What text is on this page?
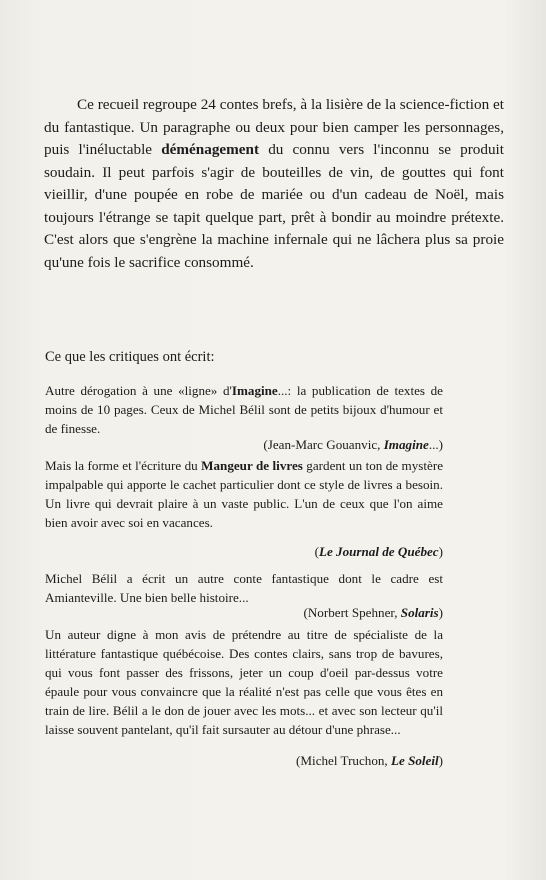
Ce recueil regroupe 24 contes brefs, à la lisière de la science-fiction et du fantastique. Un paragraphe ou deux pour bien camper les personnages, puis l'inéluctable déménagement du connu vers l'inconnu se produit soudain. Il peut parfois s'agir de bouteilles de vin, de gouttes qui font vieillir, d'une poupée en robe de mariée ou d'un cadeau de Noël, mais toujours l'étrange se tapit quelque part, prêt à bondir au moindre prétexte. C'est alors que s'engrène la machine infernale qui ne lâchera plus sa proie qu'une fois le sacrifice consommé.

Ce que les critiques ont écrit:

Autre dérogation à une «ligne» d'Imagine...: la publication de textes de moins de 10 pages. Ceux de Michel Bélil sont de petits bijoux d'humour et de finesse.

(Jean-Marc Gouanvic, Imagine...)

Mais la forme et l'écriture du Mangeur de livres gardent un ton de mystère impalpable qui apporte le cachet particulier dont ce style de livres a besoin. Un livre qui devrait plaire à un vaste public. L'un de ceux que l'on aime bien avoir avec soi en vacances.

(Le Journal de Québec)

Michel Bélil a écrit un autre conte fantastique dont le cadre est Amianteville. Une bien belle histoire...

(Norbert Spehner, Solaris)

Un auteur digne à mon avis de prétendre au titre de spécialiste de la littérature fantastique québécoise. Des contes clairs, sans trop de bavures, qui vous font passer des frissons, jeter un coup d'oeil par-dessus votre épaule pour vous convaincre que la réalité n'est pas celle que vous êtes en train de lire. Bélil a le don de jouer avec les mots... et avec son lecteur qu'il laisse souvent pantelant, qu'il fait sursauter au détour d'une phrase...

(Michel Truchon, Le Soleil)
